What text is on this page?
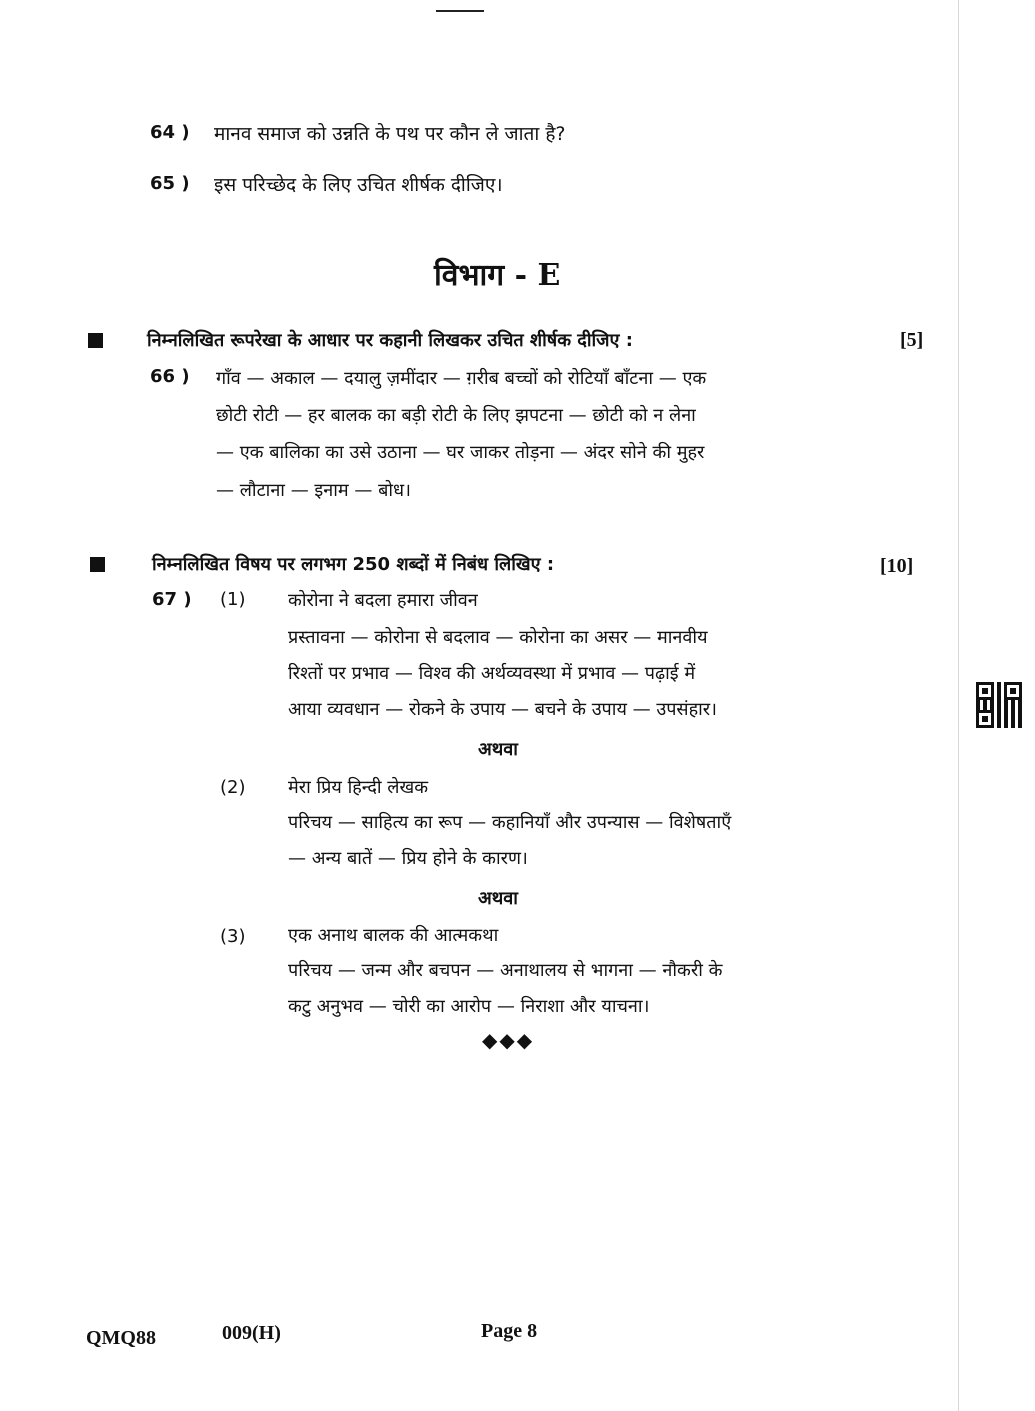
64 ) मानव समाज को उन्नति के पथ पर कौन ले जाता है?
65 ) इस परिच्छेद के लिए उचित शीर्षक दीजिए।
विभाग - E
निम्नलिखित रूपरेखा के आधार पर कहानी लिखकर उचित शीर्षक दीजिए :	[5]
66 ) गाँव — अकाल — दयालु ज़मींदार — ग़रीब बच्चों को रोटियाँ बाँटना — एक
छोटी रोटी — हर बालक का बड़ी रोटी के लिए झपटना — छोटी को न लेना
— एक बालिका का उसे उठाना — घर जाकर तोड़ना — अंदर सोने की मुहर
— लौटाना — इनाम — बोध।
निम्नलिखित विषय पर लगभग 250 शब्दों में निबंध लिखिए :	[10]
67 ) (1) कोरोना ने बदला हमारा जीवन
प्रस्तावना — कोरोना से बदलाव — कोरोना का असर — मानवीय
रिश्तों पर प्रभाव — विश्व की अर्थव्यवस्था में प्रभाव — पढ़ाई में
आया व्यवधान — रोकने के उपाय — बचने के उपाय — उपसंहार।
अथवा
(2) मेरा प्रिय हिन्दी लेखक
परिचय — साहित्य का रूप — कहानियाँ और उपन्यास — विशेषताएँ
— अन्य बातें — प्रिय होने के कारण।
अथवा
(3) एक अनाथ बालक की आत्मकथा
परिचय — जन्म और बचपन — अनाथालय से भागना — नौकरी के
कटु अनुभव — चोरी का आरोप — निराशा और याचना।
◆◆◆
QMQ88	009(H)	Page 8
